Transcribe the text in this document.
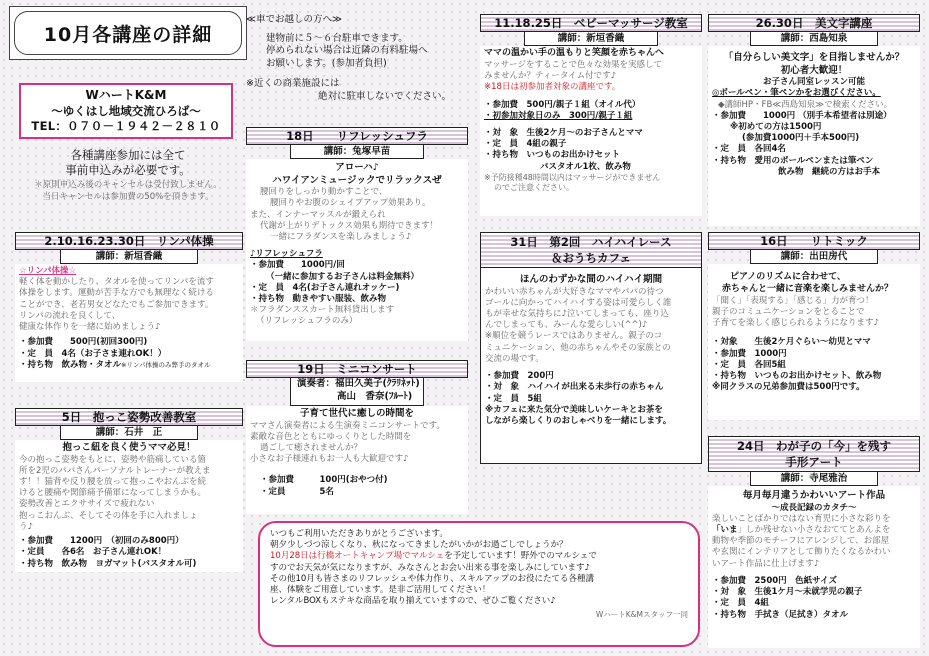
10月各講座の詳細
WハートK&M
～ゆくはし地域交流ひろば～
TEL：０７０－１９４２－２８１０
各種講座参加には全て
事前申込みが必要です。
＊原則申込み後のキャンセルは受付致しません。
当日キャンセルは参加費の50%を頂きます。
≪車でお越しの方へ≫
建物前に５～６台駐車できます。
停められない場合は近隣の有料駐場へ
お願いします。(参加者負担)
※近くの商業施設には
絶対に駐車しないでください。
2.10.16.23.30日　リンパ体操
講師：新垣香織
☆リンパ体操☆
軽く体を動かしたり、タオルを使ってリンパを流す
体操をします。運動が苦手な方でも無理なく続ける
ことができ、老若男女どなたでもご参加できます。
リンパの流れを良くして、
健康な体作りを一緒に始めましょう♪
・参加費　　500円(初回300円)
・定　員　4名（お子さま連れOK！）
・持ち物　飲み物・タオル※リンパ体操のみ弊手のタオル
5日　抱っこ姿勢改善教室
講師：石井　正
抱っこ紐を良く使うママ必見！
今の抱っこ姿勢をもとに、姿勢や筋痛している箇
所を2児のパパさんパーソナルトレーナーが教えま
す！！猫背や反り腰を放って抱っこやおんぶを続
けると腰痛や関節痛予備軍になってしまうかも。
姿勢改善とエクササイズで疲れない
抱っこおんぶ、そしてその体を手に入れましょ
う♪
・参加費　　1200円　（初回のみ800円）
・定員　　各6名　お子さん連れOK！
・持ち物　飲み物　ヨガマット(バスタオル可)
18日　　リフレッシュフラ
講師：兔塚早苗
アローハ♪
ハワイアンミュージックでリラックスぜ
腰回りをしっかり動かすことで、
腰回りやお腹のシェイプアップ効果あり。
また、インナーマッスルが鍛えられ
代謝が上がりデトックス効果も期待できます！
一緒にフラダンスを楽しみましょう♪
♪リフレッシュフラ
・参加費　　1000円/回
（一緒に参加するお子さんは料金無料）
・定　員　4名(お子さん連れオッケー)
・持ち物　動きやすい服装、飲み物
＊フラダンススカート無料貸出します
（リフレッシュフラのみ）
19日　ミニコンサート
演奏者：福田久美子(ｸﾗﾘﾈｯﾄ)
高山　香奈(ﾌﾙｰﾄ)
子育て世代に癒しの時間を
ママさん演奏者による生演奏ミニコンサートです。
素敵な音色とともにゆっくりとした時間を
過ごして癒されませんか？
小さなお子様連れもお一人も大歓迎です♪
・参加費　　　100円(おやつ付)
・定員　　　　5名
11.18.25日　ベビーマッサージ教室
講師：新垣香織
ママの温かい手の温もりと笑顔を赤ちゃんへ
マッサージをすることで色々な効果を実感して
みませんか？ティータイム付です♪
※18日は初参加者対象の講座です。
・参加費　500円/親子１組（オイル代）
・初参加対象日のみ　300円/親子１組
・対　象　生後2ケ月～のお子さんとママ
・定　員　4組の親子
・持ち物　いつものお出かけセット
バスタオル1枚、飲み物
※予防接種48時間以内はマッサージができません
のでご注意ください。
31日　第2回　ハイハイレース
＆おうちカフェ
ほんのわずかな間のハイハイ期間
かわいい赤ちゃんが大好きなママやパパの待つ
ゴールに向かってハイハイする姿は可愛らしく誰
もが幸せな気持ちに♪泣いてしまっても、座り込
んでしまっても、みーんな愛らしい(^^)♪
※順位を競うレースではありません。親子のコ
ミュニケーション、他の赤ちゃんやその家族との
交流の場です。
・参加費　200円
・対　象　ハイハイが出来る未歩行の赤ちゃん
・定　員　5組
※カフェに来た気分で美味しいケーキとお茶を
しながら楽しくりのおしゃべりを一緒にします。
26.30日　美文字講座
講師：西島知泉
「自分らしい美文字」を目指しませんか？
初心者大歓迎！
お子さん同室レッスン可能
◎ボールペン・筆ペンかをお選びください。
◆講師HP・FB≪西島知泉≫で検索ください。
・参加費　　1000円 （別手本希望者は別途）
※初めての方は1500円
(参加費1000円＋手本500円)
・定　員　各回4名
・持ち物　愛用のボールペンまたは筆ペン
飲み物　継続の方はお手本
16日　　リトミック
講師：出田房代
ピアノのリズムに合わせて、
赤ちゃんと一緒に音楽を楽しみませんか？
「聞く」「表現する」「感じる」力が育つ！
親子のコミュニケーションをとることで
子育てを楽しく感じられるようになります♪
・対象　　生後2ケ月ぐらい～幼児とママ
・参加費　1000円
・定　員　各回5組
・持ち物　いつものお出かけセット、飲み物
※同クラスの兄弟参加費は500円です。
24日　わが子の「今」を残す
手形アート
講師：寺尾雅治
毎月毎月違うかわいいアート作品
～成長記録のカタチ～
楽しいことばかりではない育児に小さな彩りを
「いま」しか残せない小さなおててとあんよを
動物や季節のモチーフにアレンジして、お部屋
や玄関にインテリアとして飾りたくなるかわい
いアート作品に仕上げます♪
・参加費　2500円　色紙サイズ
・対　象　生後1ケ月～未就学児の親子
・定　員　4組
・持ち物　手拭き（足拭き）タオル
いつもご利用いただきありがとうございます。
朝夕少しづつ涼しくなり、秋になってきましたがいかがお過ごしでしょうか？
10月28日は行橋オートキャンプ場でマルシェを予定しています！野外でのマルシェで
すのでお天気が気になりますが、みなさんとお会い出来る事を楽しみにしています♪
その他10月も皆さまのリフレッシュや体力作り、スキルアップのお役にたてる各種講
座、体験をご用意しています。是非ご活用してください！
レンタルBOXもステキな商品を取り揃えていますので、ぜひご覧ください♪
WハートK&Mスタッフ一同
